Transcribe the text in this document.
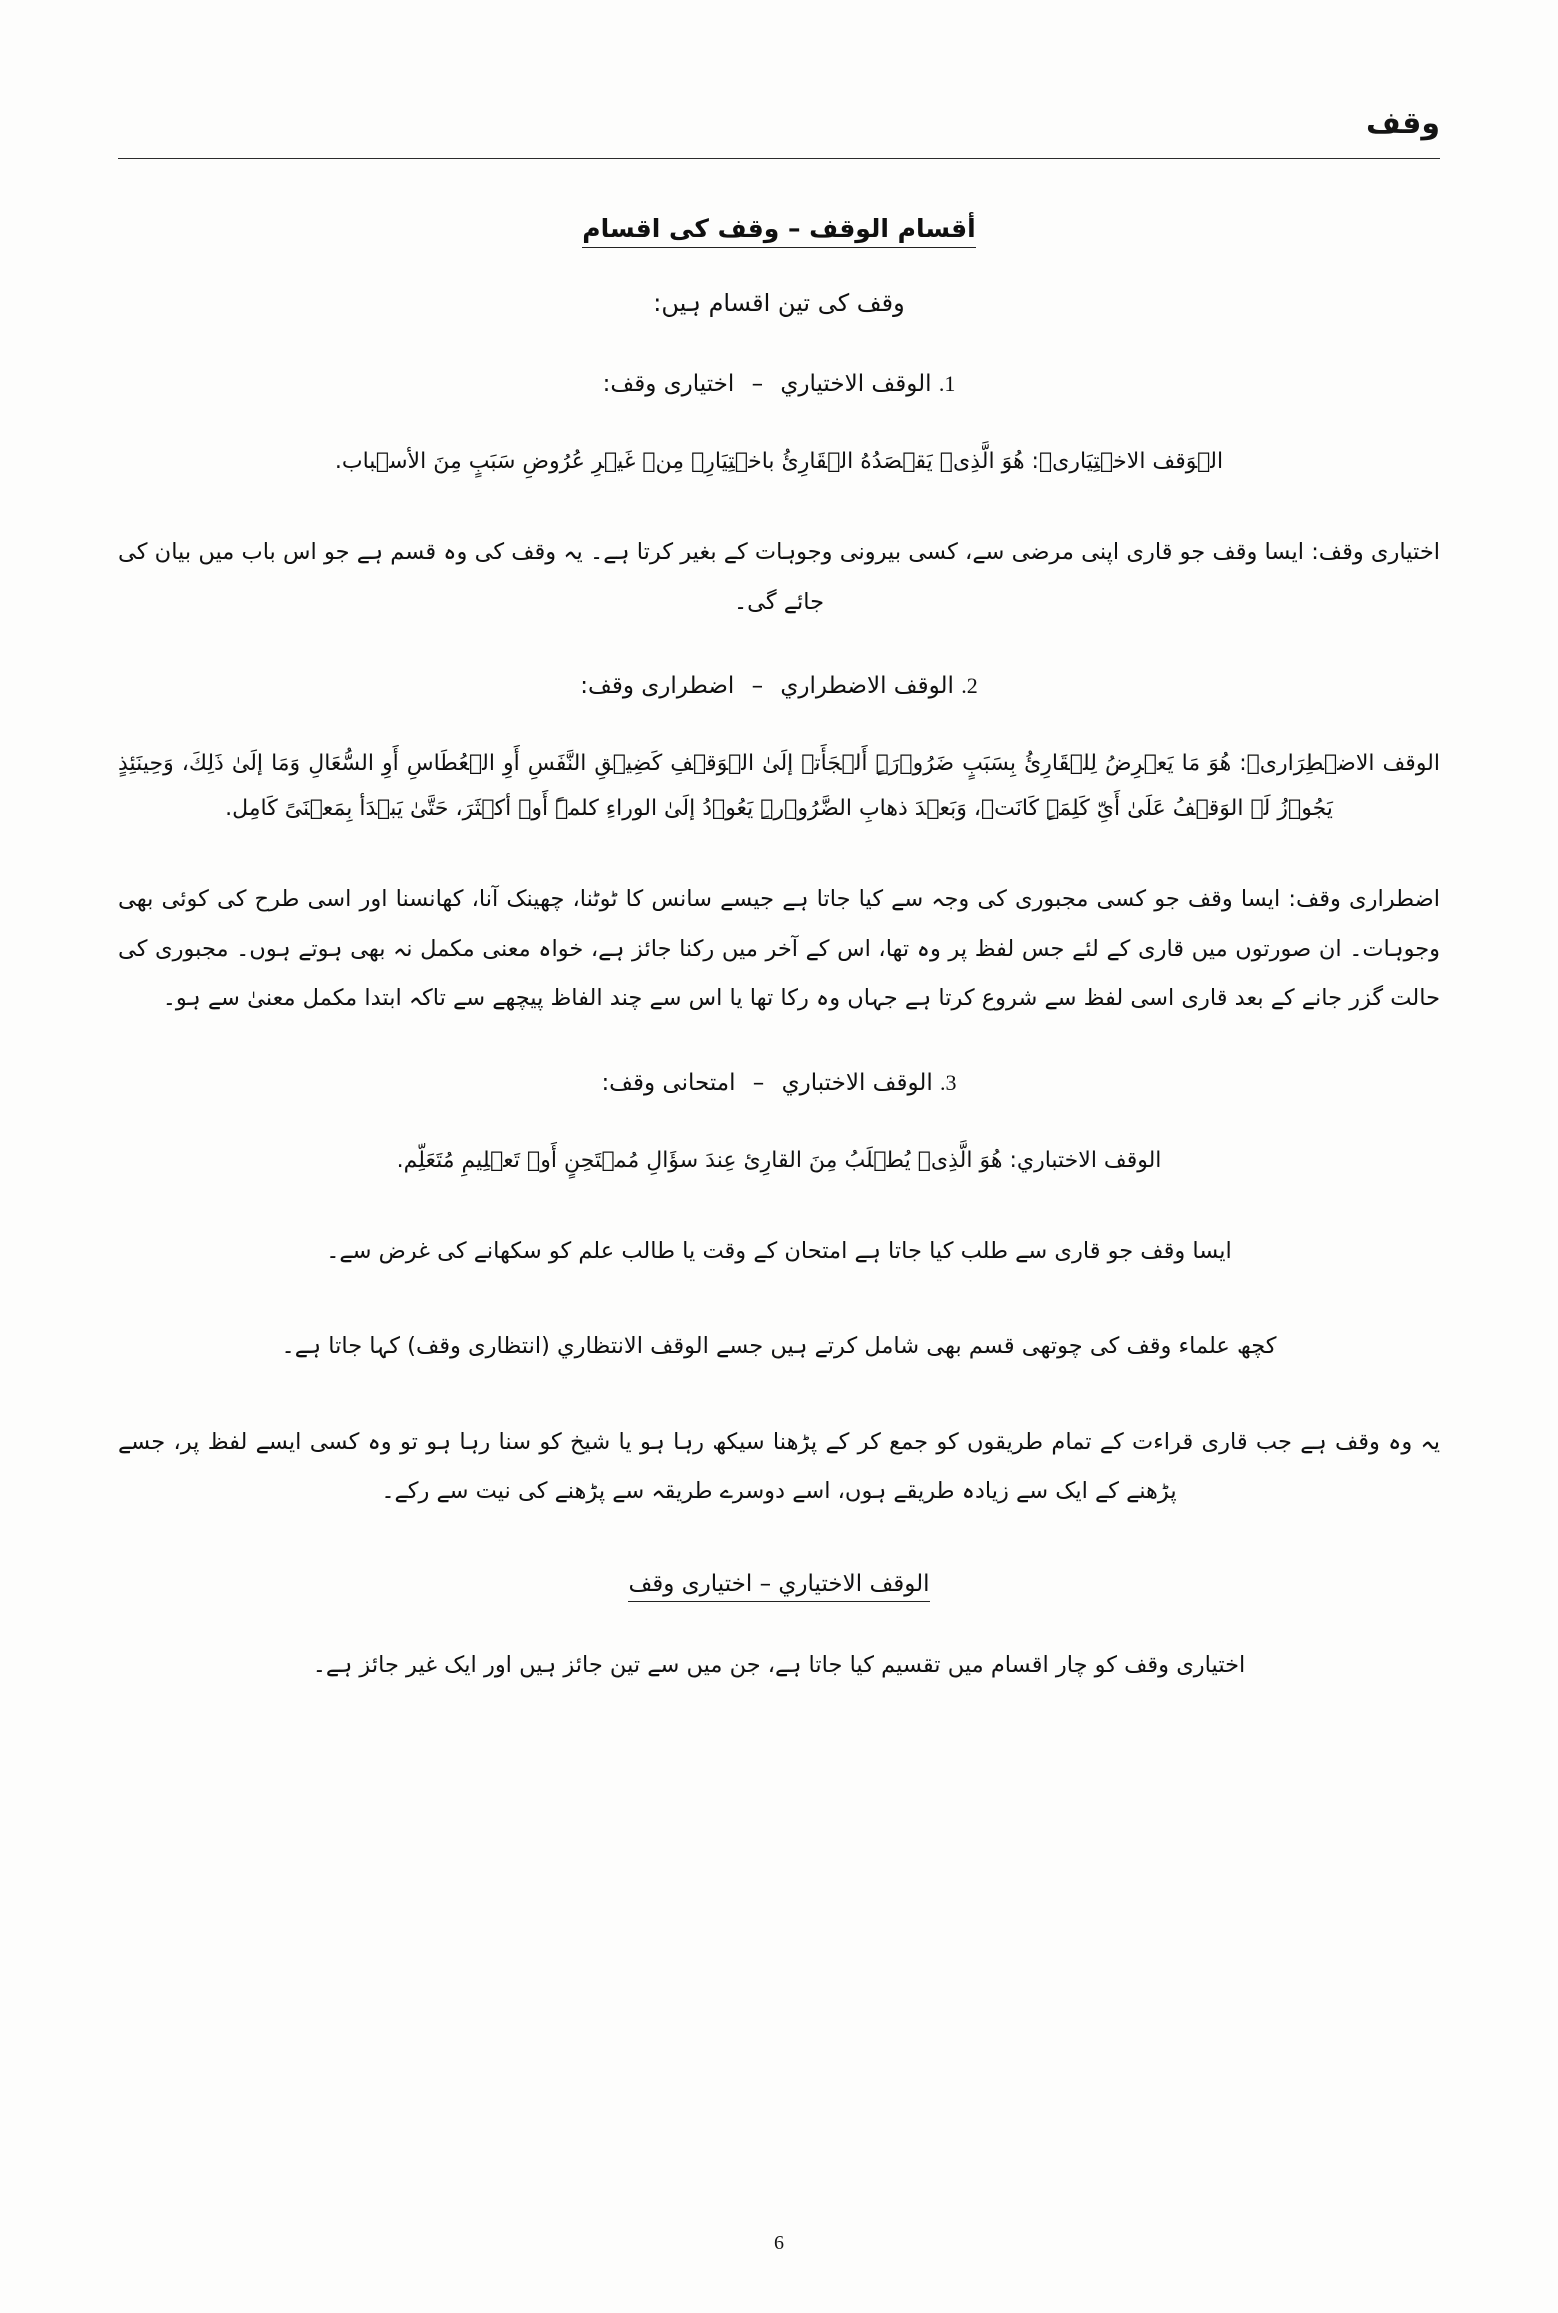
وقف
أقسام الوقف – وقف کی اقسام
وقف کی تین اقسام ہیں:
1. الوقف الاختياري – اختیاری وقف:
الۡوَقف الاخۡتِیَاریۡ: هُوَ الَّذِیۡ یَقۡصَدُهُ الۡقَارِیُٔ باخۡتِیَارِہ مِنۡ غَیۡرِ عُرُوضِ سَبَبٍ مِنَ الأسۡباب.
اختیاری وقف: ایسا وقف جو قاری اپنی مرضی سے، کسی بیرونی وجوہات کے بغیر کرتا ہے۔ یہ وقف کی وہ قسم ہے جو اس باب میں بیان کی جائے گی۔
2. الوقف الاضطراري – اضطراری وقف:
الوقف الاضۡطِرَاریۡ: هُوَ مَا یَعۡرِضُ لِلۡقَارِیُٔ بِسَبَبٍ ضَرُوۡرَۃٍ أَلۡجَأَتہ إلَیٰ الۡوَقۡفِ کَضِیۡقِ النَّفَسِ أَوِ الۡعُطَاسِ أَوِ السُّعَالِ وَمَا إلَیٰ ذَلِكَ، وَحِینَئِذٍ یَجُوۡزُ لَہ الوَقۡفُ عَلَیٰ أَیِّ کَلِمَۃٍ کَانَتۡ، وَبَعۡدَ ذهابِ الضَّرُوۡرۃِ یَعُوۡدُ إلَیٰ الوراءِ کلمۃً أَوۡ أکۡثَرَ، حَتَّیٰ یَبۡدَأ بِمَعۡنَیً کَامِل.
اضطراری وقف: ایسا وقف جو کسی مجبوری کی وجہ سے کیا جاتا ہے جیسے سانس کا ٹوٹنا، چھینک آنا، کھانسنا اور اسی طرح کی کوئی بھی وجوہات۔ ان صورتوں میں قاری کے لئے جس لفظ پر وہ تھا، اس کے آخر میں رکنا جائز ہے، خواہ معنی مکمل نہ بھی ہوتے ہوں۔ مجبوری کی حالت گزر جانے کے بعد قاری اسی لفظ سے شروع کرتا ہے جہاں وہ رکا تھا یا اس سے چند الفاظ پیچھے سے تاکہ ابتدا مکمل معنیٰ سے ہو۔
3. الوقف الاختباري – امتحانی وقف:
الوقف الاختباري: هُوَ الَّذِیۡ یُطۡلَبُ مِنَ القارِیٔ عِندَ سؤَالِ مُمۡتَحِنٍ أَوۡ تَعۡلِیمِ مُتَعَلِّم.
ایسا وقف جو قاری سے طلب کیا جاتا ہے امتحان کے وقت یا طالب علم کو سکھانے کی غرض سے۔
کچھ علماء وقف کی چوتھی قسم بھی شامل کرتے ہیں جسے الوقف الانتظاري (انتظاری وقف) کہا جاتا ہے۔
یہ وہ وقف ہے جب قاری قراءت کے تمام طریقوں کو جمع کر کے پڑھنا سیکھ رہا ہو یا شیخ کو سنا رہا ہو تو وہ کسی ایسے لفظ پر، جسے پڑھنے کے ایک سے زیادہ طریقے ہوں، اسے دوسرے طریقہ سے پڑھنے کی نیت سے رکے۔
الوقف الاختياري – اختیاری وقف
اختیاری وقف کو چار اقسام میں تقسیم کیا جاتا ہے، جن میں سے تین جائز ہیں اور ایک غیر جائز ہے۔
6
